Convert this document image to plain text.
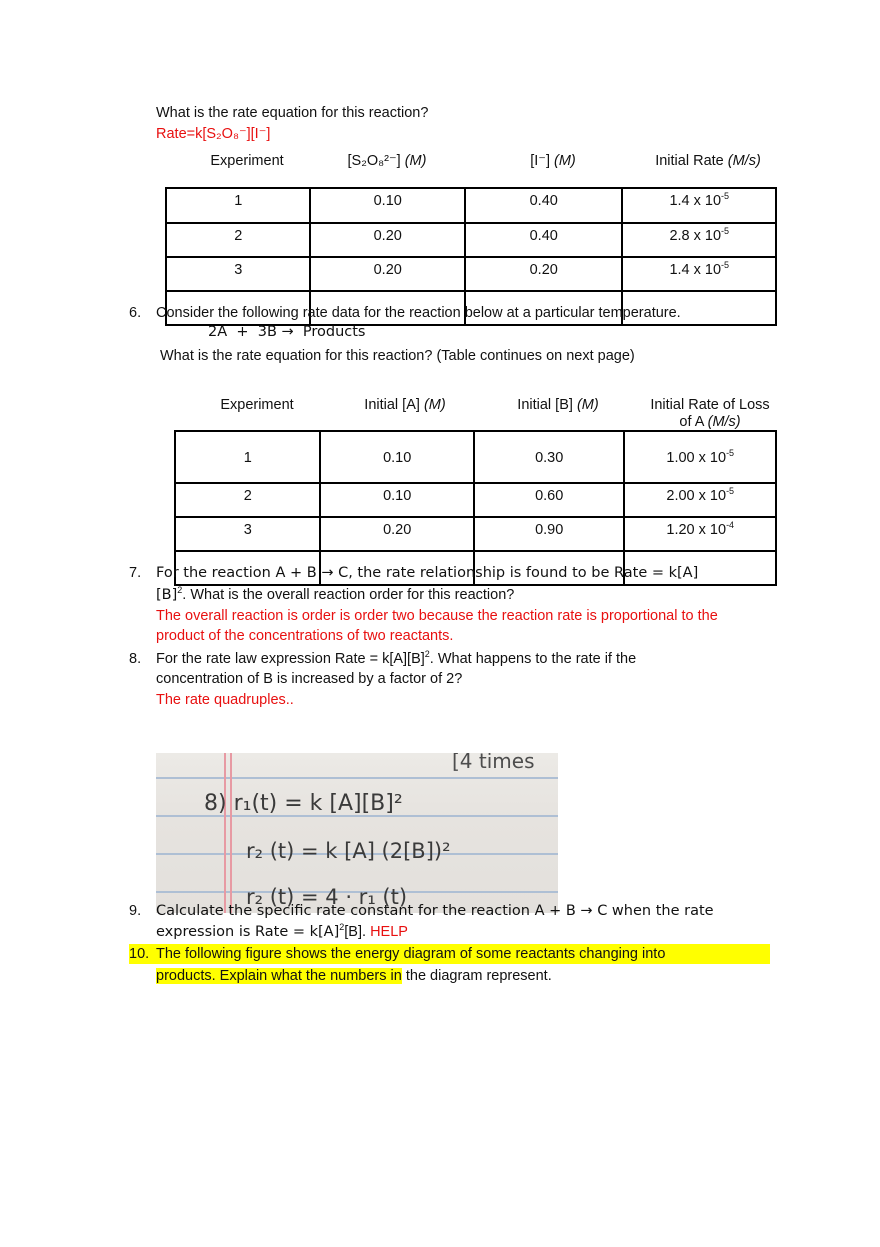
What is the rate equation for this reaction?
Rate=k[S₂O₈⁻][I⁻]
Experiment	[S₂O₈²⁻] (M)	[I⁻] (M)	Initial Rate (M/s)
1	0.10	0.40	1.4 x $10^{-5}$
2	0.20	0.40	2.8 x $10^{-5}$
3	0.20	0.20	1.4 x $10^{-5}$

6. Consider the following rate data for the reaction below at a particular temperature.
2A  +  3B →  Products
What is the rate equation for this reaction? (Table continues on next page)
Experiment	Initial [A] (M)	Initial [B] (M)	Initial Rate of Loss
of A (M/s)
1	0.10	0.30	1.00 x $10^{-5}$
2	0.10	0.60	2.00 x $10^{-5}$
3	0.20	0.90	1.20 x $10^{-4}$

7. For the reaction A + B → C, the rate relationship is found to be Rate = k[A]
$[B]^2$. What is the overall reaction order for this reaction?
The overall reaction is order is order two because the reaction rate is proportional to the
product of the concentrations of two reactants.
8. For the rate law expression Rate = $k[A][B]^2$. What happens to the rate if the
concentration of B is increased by a factor of 2?
The rate quadruples..
[4 times
8) r₁(t) = k [A][B]²
r₂ (t) = k [A] (2[B])²
r₂ (t) = 4 · r₁ (t)
9. Calculate the specific rate constant for the reaction A + B → C when the rate
expression is Rate = $k[A]^2[B]$. HELP
10. The following figure shows the energy diagram of some reactants changing into
products. Explain what the numbers in the diagram represent.
